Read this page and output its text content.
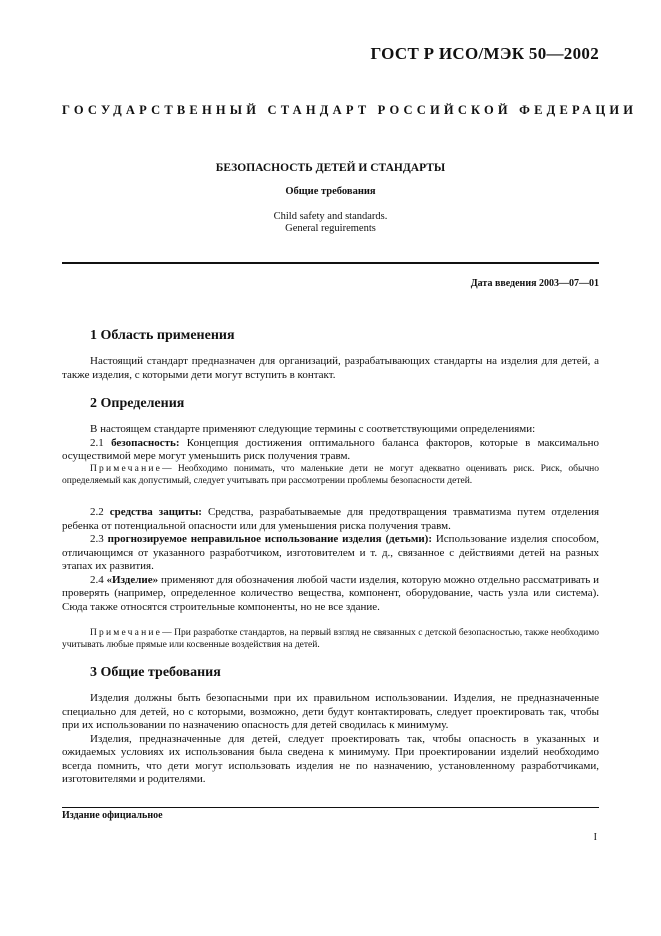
ГОСТ Р ИСО/МЭК 50—2002
ГОСУДАРСТВЕННЫЙ СТАНДАРТ РОССИЙСКОЙ ФЕДЕРАЦИИ
БЕЗОПАСНОСТЬ ДЕТЕЙ И СТАНДАРТЫ
Общие требования
Child safety and standards.
General reguirements
Дата введения 2003—07—01
1 Область применения

Настоящий стандарт предназначен для организаций, разрабатывающих стандарты на изделия для детей, а также изделия, с которыми дети могут вступить в контакт.

2 Определения

В настоящем стандарте применяют следующие термины с соответствующими определениями:

2.1 безопасность: Концепция достижения оптимального баланса факторов, которые в максимально осуществимой мере могут уменьшить риск получения травм.

Примечание— Необходимо понимать, что маленькие дети не могут адекватно оценивать риск. Риск, обычно определяемый как допустимый, следует учитывать при рассмотрении проблемы безопасности детей.

2.2 средства защиты: Средства, разрабатываемые для предотвращения травматизма путем отделения ребенка от потенциальной опасности или для уменьшения риска получения травм.

2.3 прогнозируемое неправильное использование изделия (детьми): Использование изделия способом, отличающимся от указанного разработчиком, изготовителем и т. д., связанное с действиями детей на разных этапах их развития.

2.4 «Изделие» применяют для обозначения любой части изделия, которую можно отдельно рассматривать и проверять (например, определенное количество вещества, компонент, оборудование, часть узла или система). Сюда также относятся строительные компоненты, но не все здание.

Примечание— При разработке стандартов, на первый взгляд не связанных с детской безопасностью, также необходимо учитывать любые прямые или косвенные воздействия на детей.

3 Общие требования

Изделия должны быть безопасными при их правильном использовании. Изделия, не предназначенные специально для детей, но с которыми, возможно, дети будут контактировать, следует проектировать так, чтобы при их использовании по назначению опасность для детей сводилась к минимуму.

Изделия, предназначенные для детей, следует проектировать так, чтобы опасность в указанных и ожидаемых условиях их использования была сведена к минимуму. При проектировании изделий необходимо всегда помнить, что дети могут использовать изделия не по назначению, установленному разработчиками, изготовителями и родителями.

Издание официальное
I
